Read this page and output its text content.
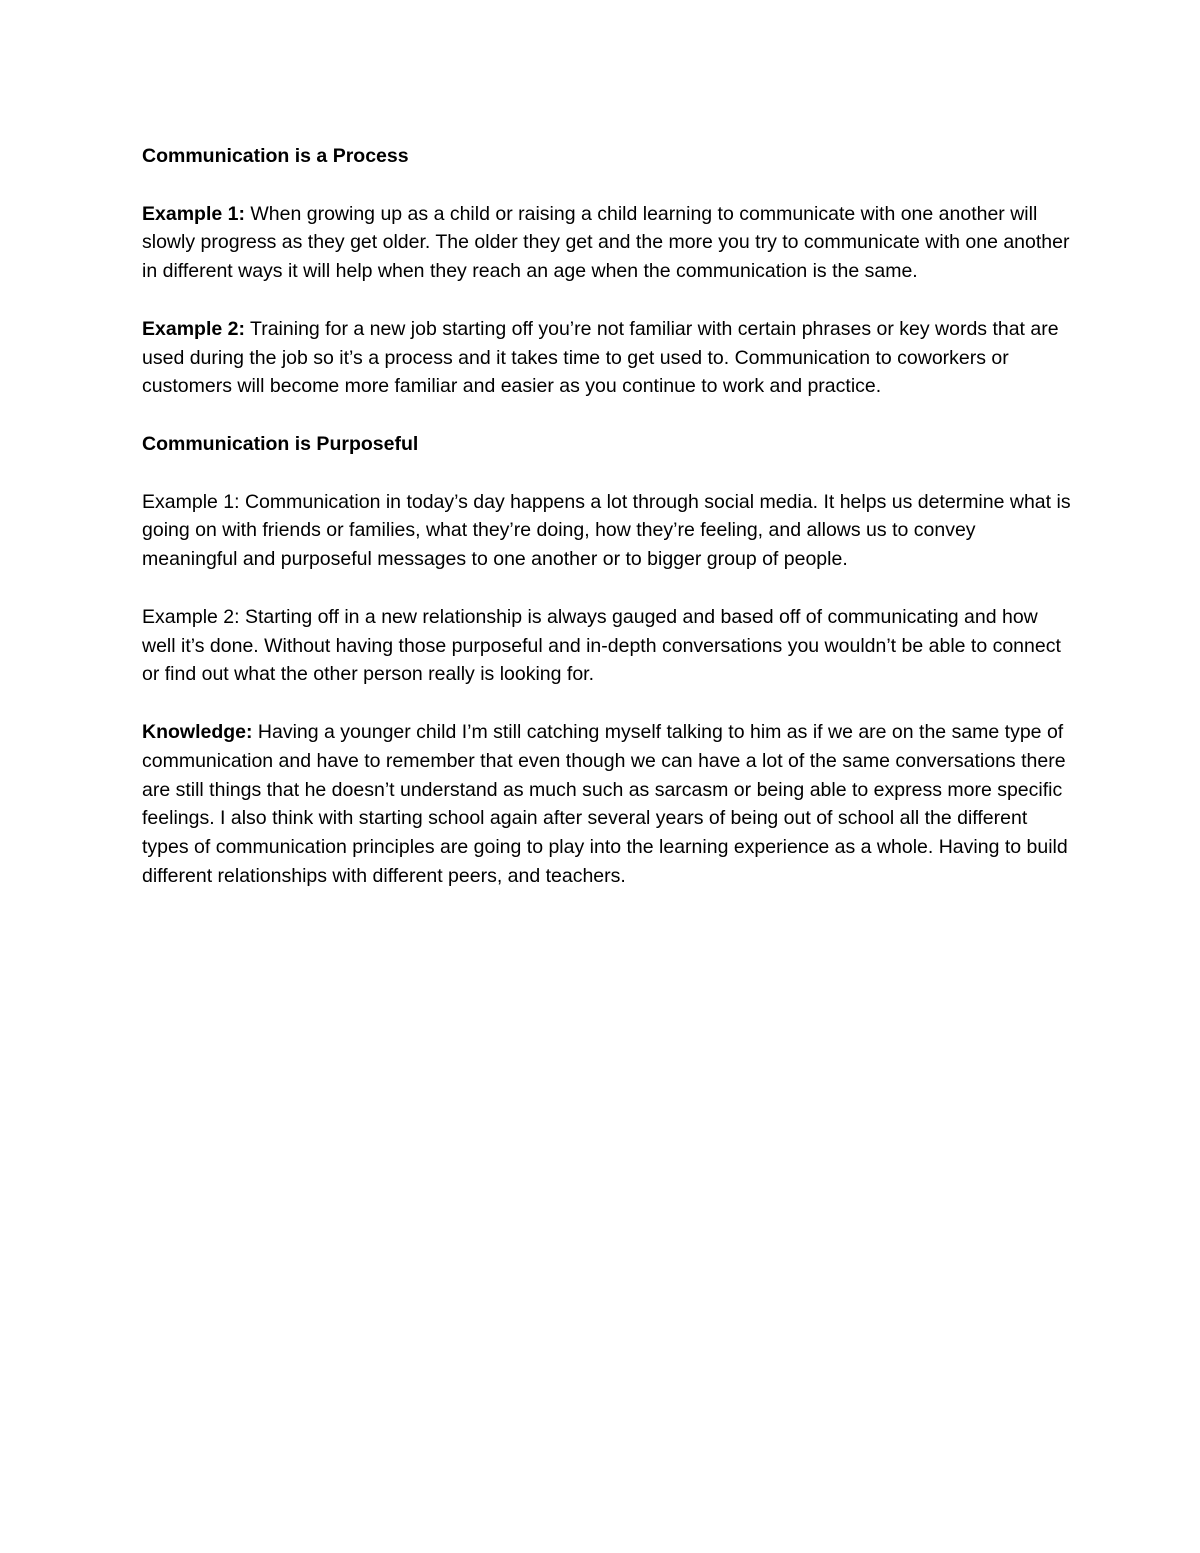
Communication is a Process
Example 1: When growing up as a child or raising a child learning to communicate with one another will slowly progress as they get older. The older they get and the more you try to communicate with one another in different ways it will help when they reach an age when the communication is the same.
Example 2: Training for a new job starting off you’re not familiar with certain phrases or key words that are used during the job so it’s a process and it takes time to get used to. Communication to coworkers or customers will become more familiar and easier as you continue to work and practice.
Communication is Purposeful
Example 1: Communication in today’s day happens a lot through social media. It helps us determine what is going on with friends or families, what they’re doing, how they’re feeling, and allows us to convey meaningful and purposeful messages to one another or to bigger group of people.
Example 2: Starting off in a new relationship is always gauged and based off of communicating and how well it’s done. Without having those purposeful and in-depth conversations you wouldn’t be able to connect or find out what the other person really is looking for.
Knowledge: Having a younger child I’m still catching myself talking to him as if we are on the same type of communication and have to remember that even though we can have a lot of the same conversations there are still things that he doesn’t understand as much such as sarcasm or being able to express more specific feelings. I also think with starting school again after several years of being out of school all the different types of communication principles are going to play into the learning experience as a whole. Having to build different relationships with different peers, and teachers.
